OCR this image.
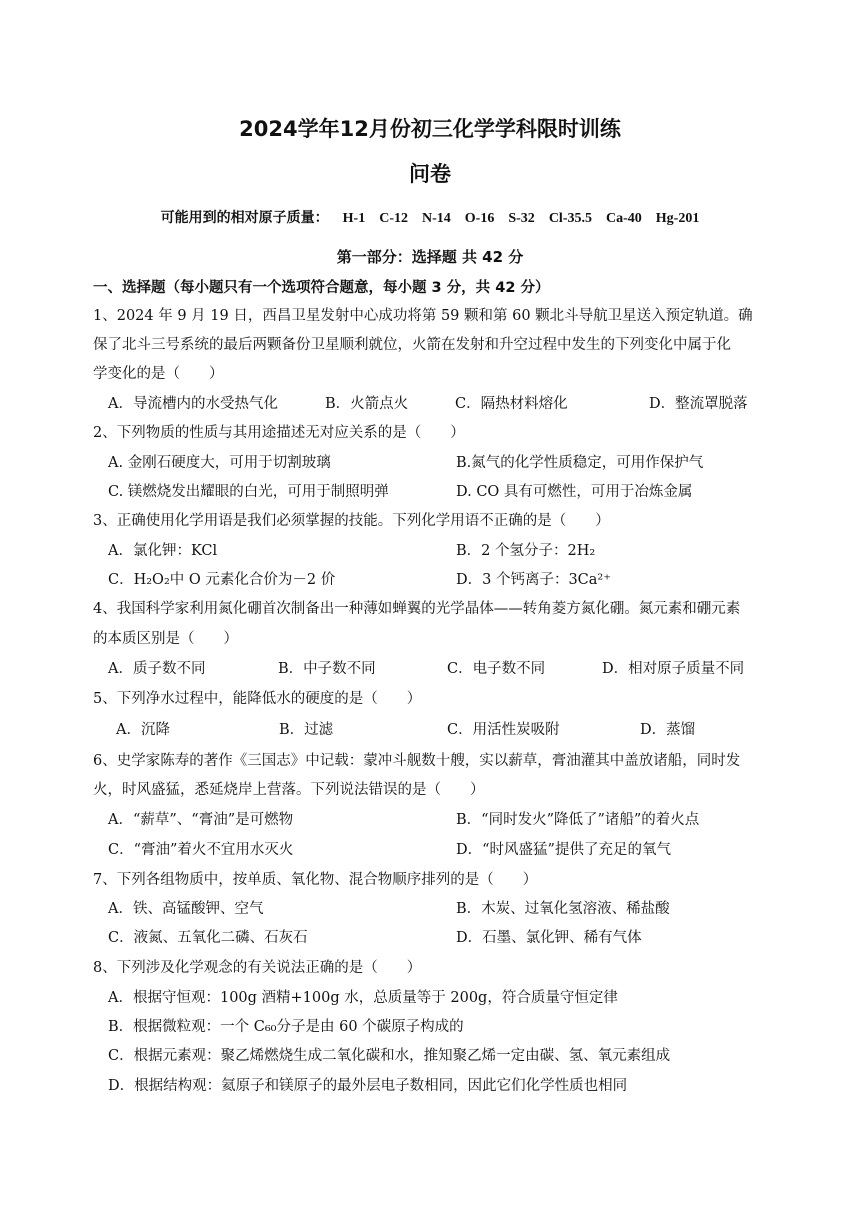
2024学年12月份初三化学学科限时训练
问卷
可能用到的相对原子质量： H-1 C-12 N-14 O-16 S-32 Cl-35.5 Ca-40 Hg-201
第一部分：选择题 共 42 分
一、选择题（每小题只有一个选项符合题意，每小题 3 分，共 42 分）
1、2024 年 9 月 19 日，西昌卫星发射中心成功将第 59 颗和第 60 颗北斗导航卫星送入预定轨道。确
保了北斗三号系统的最后两颗备份卫星顺利就位，火箭在发射和升空过程中发生的下列变化中属于化
学变化的是（　　）
A．导流槽内的水受热气化	B．火箭点火	C．隔热材料熔化	D．整流罩脱落
2、下列物质的性质与其用途描述无对应关系的是（　　）
A. 金刚石硬度大，可用于切割玻璃	B.氮气的化学性质稳定，可用作保护气
C. 镁燃烧发出耀眼的白光，可用于制照明弹	D. CO 具有可燃性，可用于冶炼金属
3、正确使用化学用语是我们必须掌握的技能。下列化学用语不正确的是（　　）
A．氯化钾：KCl	B．2 个氢分子：2H₂
C．H₂O₂中 O 元素化合价为－2 价	D．3 个钙离子：3Ca²⁺
4、我国科学家利用氮化硼首次制备出一种薄如蝉翼的光学晶体——转角菱方氮化硼。氮元素和硼元素
的本质区别是（　　）
A．质子数不同	B．中子数不同	C．电子数不同	D．相对原子质量不同
5、下列净水过程中，能降低水的硬度的是（　　）
A．沉降	B．过滤	C．用活性炭吸附	D．蒸馏
6、史学家陈寿的著作《三国志》中记载：蒙冲斗舰数十艘，实以薪草，膏油灌其中盖放诸船，同时发
火，时风盛猛，悉延烧岸上营落。下列说法错误的是（　　）
A．“薪草”、“膏油”是可燃物	B．“同时发火”降低了”诸船”的着火点
C．“膏油”着火不宜用水灭火	D．“时风盛猛”提供了充足的氧气
7、下列各组物质中，按单质、氧化物、混合物顺序排列的是（　　）
A．铁、高锰酸钾、空气	B．木炭、过氧化氢溶液、稀盐酸
C．液氮、五氧化二磷、石灰石	D．石墨、氯化钾、稀有气体
8、下列涉及化学观念的有关说法正确的是（　　）
A．根据守恒观：100g 酒精+100g 水，总质量等于 200g，符合质量守恒定律
B．根据微粒观：一个 C₆₀分子是由 60 个碳原子构成的
C．根据元素观：聚乙烯燃烧生成二氧化碳和水，推知聚乙烯一定由碳、氢、氧元素组成
D．根据结构观：氦原子和镁原子的最外层电子数相同，因此它们化学性质也相同
